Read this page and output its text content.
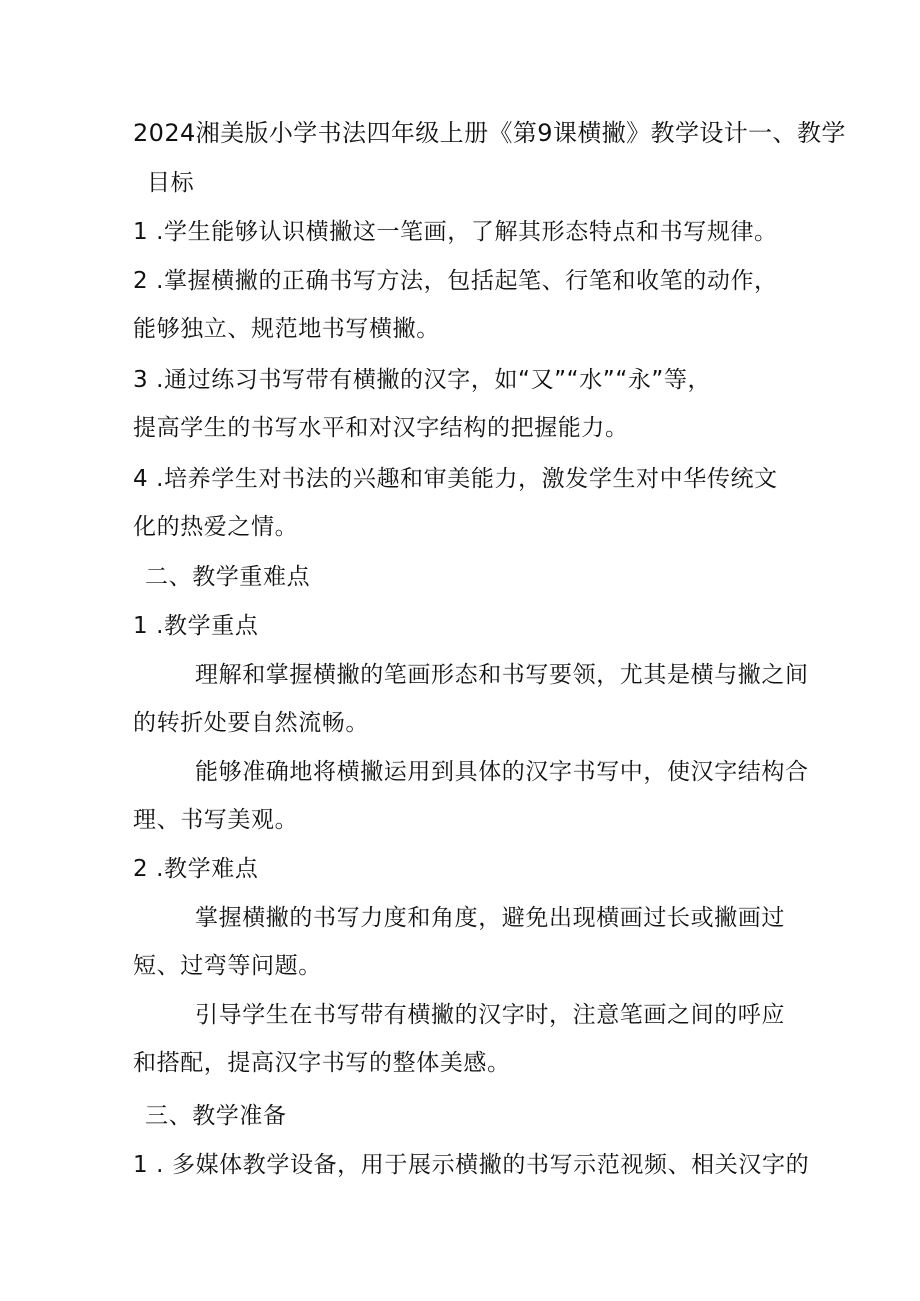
2024湘美版小学书法四年级上册《第9课横撇》教学设计一、教学
目标
1 .学生能够认识横撇这一笔画，了解其形态特点和书写规律。
2 .掌握横撇的正确书写方法，包括起笔、行笔和收笔的动作，
能够独立、规范地书写横撇。
3 .通过练习书写带有横撇的汉字，如“又”“水”“永”等，
提高学生的书写水平和对汉字结构的把握能力。
4 .培养学生对书法的兴趣和审美能力，激发学生对中华传统文
化的热爱之情。
二、教学重难点
1 .教学重点
理解和掌握横撇的笔画形态和书写要领，尤其是横与撇之间
的转折处要自然流畅。
能够准确地将横撇运用到具体的汉字书写中，使汉字结构合
理、书写美观。
2 .教学难点
掌握横撇的书写力度和角度，避免出现横画过长或撇画过
短、过弯等问题。
引导学生在书写带有横撇的汉字时，注意笔画之间的呼应
和搭配，提高汉字书写的整体美感。
三、教学准备
1 . 多媒体教学设备，用于展示横撇的书写示范视频、相关汉字的
